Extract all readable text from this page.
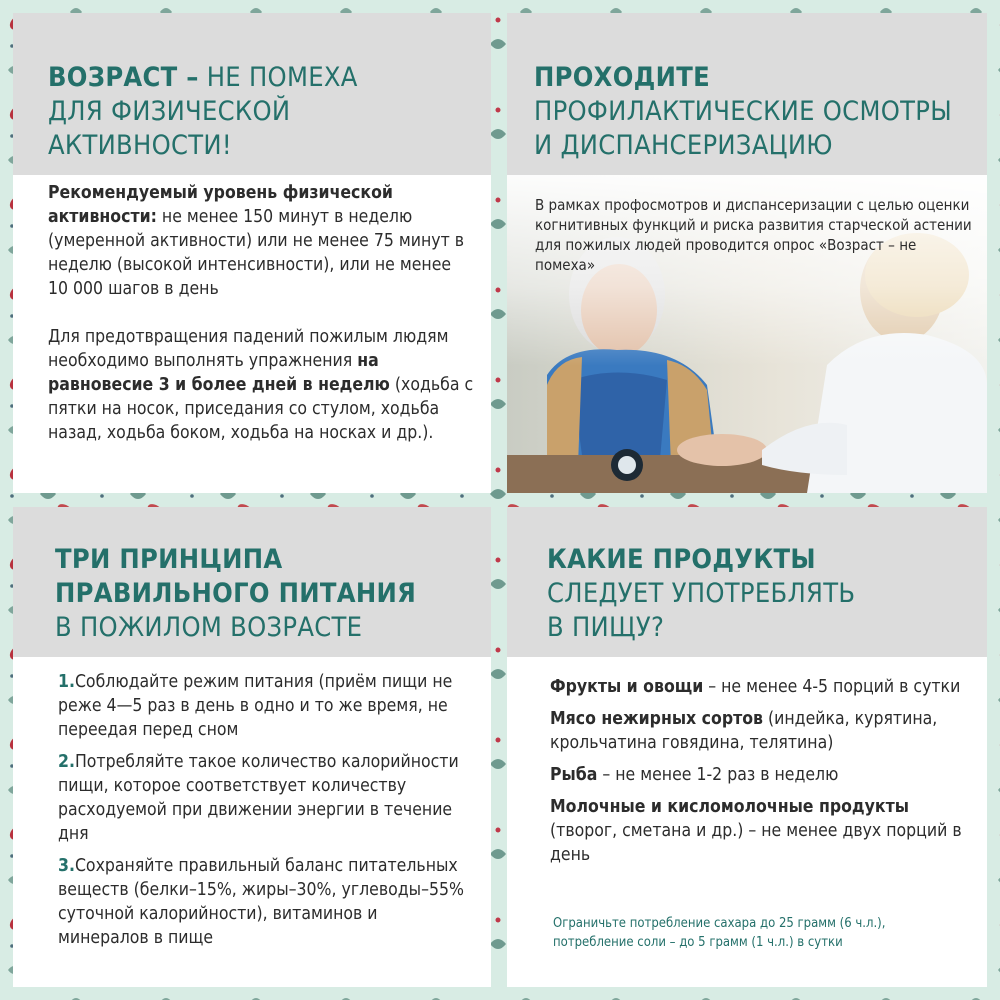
ВОЗРАСТ – НЕ ПОМЕХА
ДЛЯ ФИЗИЧЕСКОЙ
АКТИВНОСТИ!
Рекомендуемый уровень физической активности: не менее 150 минут в неделю (умеренной активности) или не менее 75 минут в неделю (высокой интенсивности), или не менее 10 000 шагов в день
Для предотвращения падений пожилым людям необходимо выполнять упражнения на равновесие 3 и более дней в неделю (ходьба с пятки на носок, приседания со стулом, ходьба назад, ходьба боком, ходьба на носках и др.).
ПРОХОДИТЕ
ПРОФИЛАКТИЧЕСКИЕ ОСМОТРЫ
И ДИСПАНСЕРИЗАЦИЮ
В рамках профосмотров и диспансеризации с целью оценки когнитивных функций и риска развития старческой астении для пожилых людей проводится опрос «Возраст – не помеха»
ТРИ ПРИНЦИПА
ПРАВИЛЬНОГО ПИТАНИЯ
В ПОЖИЛОМ ВОЗРАСТЕ
1.Соблюдайте режим питания (приём пищи не реже 4—5 раз в день в одно и то же время, не переедая перед сном
2.Потребляйте такое количество калорийности пищи, которое соответствует количеству расходуемой при движении энергии в течение дня
3.Сохраняйте правильный баланс питательных веществ (белки–15%, жиры–30%, углеводы–55% суточной калорийности), витаминов и минералов в пище
КАКИЕ ПРОДУКТЫ
СЛЕДУЕТ УПОТРЕБЛЯТЬ
В ПИЩУ?
Фрукты и овощи – не менее 4-5 порций в сутки
Мясо нежирных сортов (индейка, курятина, крольчатина говядина, телятина)
Рыба – не менее 1-2 раз в неделю
Молочные и кисломолочные продукты (творог, сметана и др.) – не менее двух порций в день
Ограничьте потребление сахара до 25 грамм (6 ч.л.), потребление соли – до 5 грамм (1 ч.л.) в сутки
